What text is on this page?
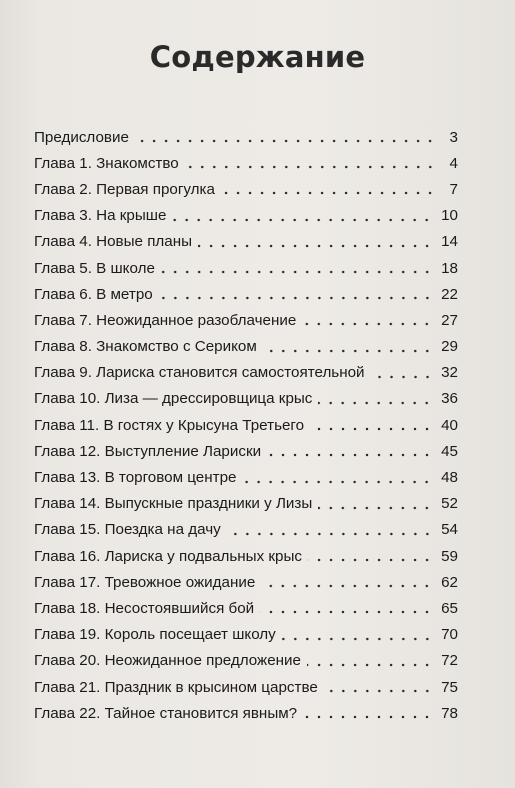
Содержание
Предисловие	3
Глава 1. Знакомство	4
Глава 2. Первая прогулка	7
Глава 3. На крыше	10
Глава 4. Новые планы	14
Глава 5. В школе	18
Глава 6. В метро	22
Глава 7. Неожиданное разоблачение	27
Глава 8. Знакомство с Сериком	29
Глава 9. Лариска становится самостоятельной	32
Глава 10. Лиза — дрессировщица крыс	36
Глава 11. В гостях у Крысуна Третьего	40
Глава 12. Выступление Лариски	45
Глава 13. В торговом центре	48
Глава 14. Выпускные праздники у Лизы	52
Глава 15. Поездка на дачу	54
Глава 16. Лариска у подвальных крыс	59
Глава 17. Тревожное ожидание	62
Глава 18. Несостоявшийся бой	65
Глава 19. Король посещает школу	70
Глава 20. Неожиданное предложение	72
Глава 21. Праздник в крысином царстве	75
Глава 22. Тайное становится явным?	78
